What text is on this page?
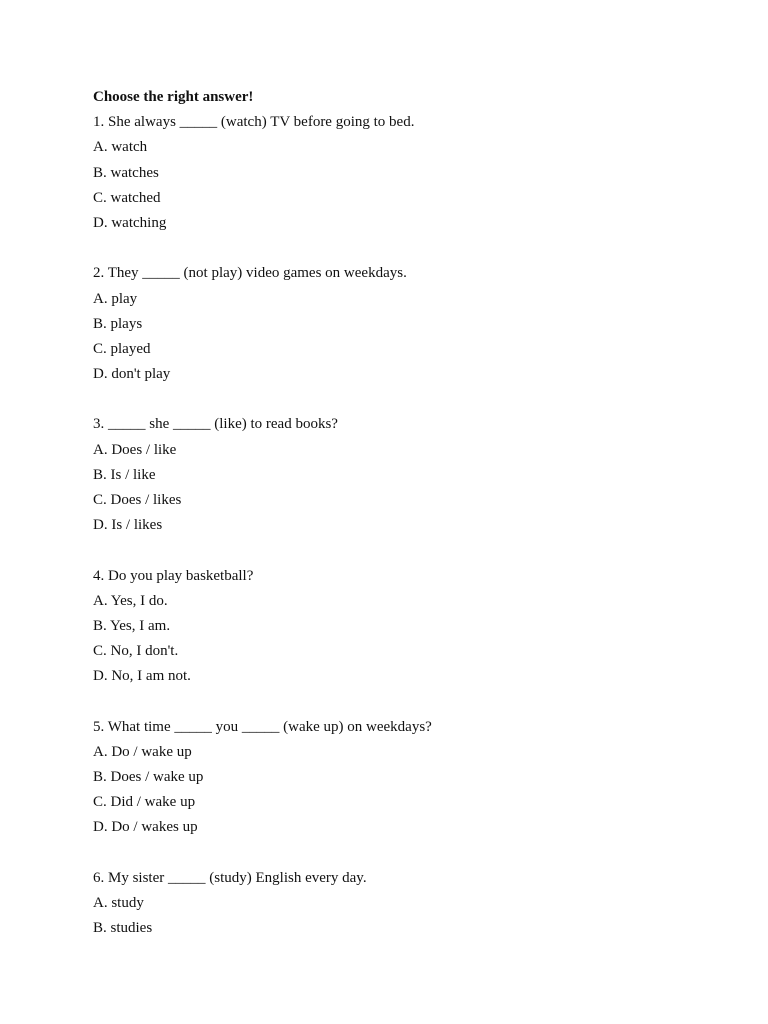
Choose the right answer!
1. She always _____ (watch) TV before going to bed.
A. watch
B. watches
C. watched
D. watching
2. They _____ (not play) video games on weekdays.
A. play
B. plays
C. played
D. don't play
3. _____ she _____ (like) to read books?
A. Does / like
B. Is / like
C. Does / likes
D. Is / likes
4. Do you play basketball?
A. Yes, I do.
B. Yes, I am.
C. No, I don't.
D. No, I am not.
5. What time _____ you _____ (wake up) on weekdays?
A. Do / wake up
B. Does / wake up
C. Did / wake up
D. Do / wakes up
6. My sister _____ (study) English every day.
A. study
B. studies
